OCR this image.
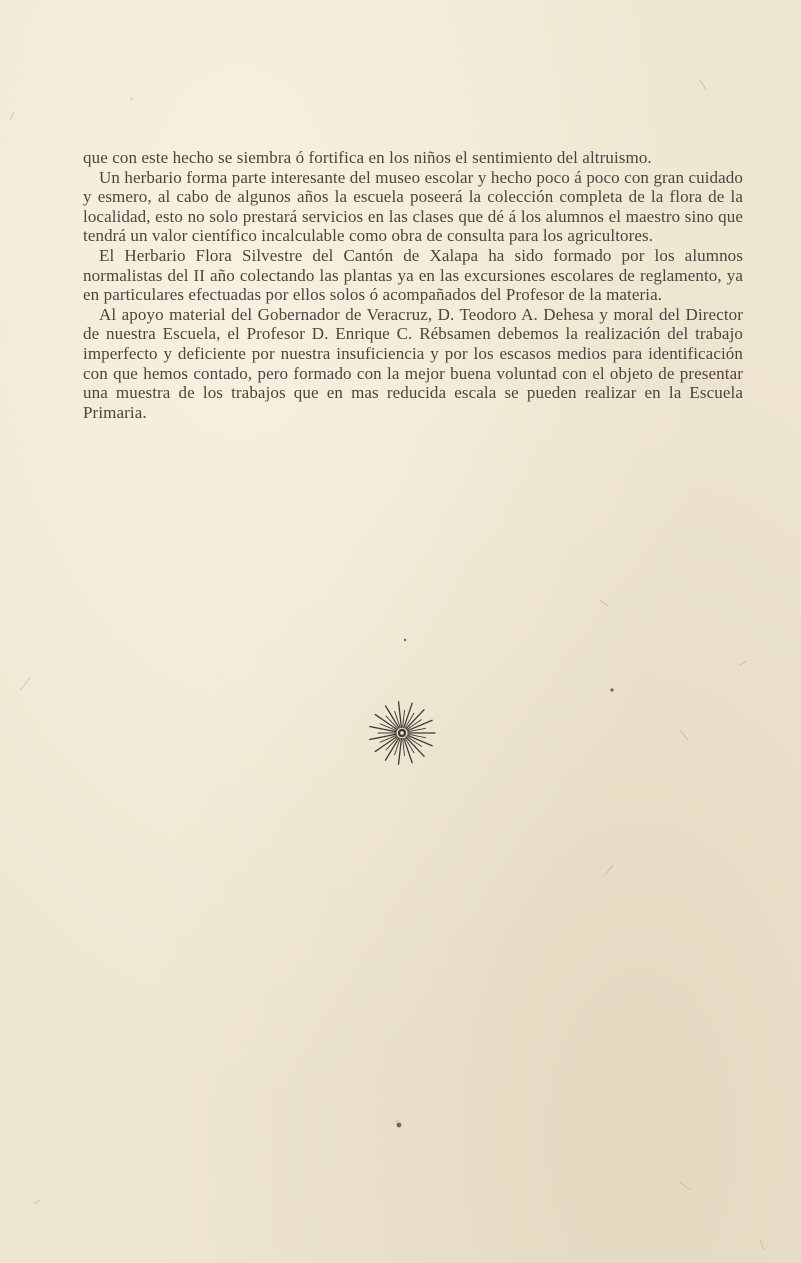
que con este hecho se siembra ó fortifica en los niños el sentimiento del altruismo.

Un herbario forma parte interesante del museo escolar y hecho poco á poco con gran cuidado y esmero, al cabo de algunos años la escuela poseerá la colección completa de la flora de la localidad, esto no solo prestará servicios en las clases que dé á los alumnos el maestro sino que tendrá un valor científico incalculable como obra de consulta para los agricultores.

El Herbario Flora Silvestre del Cantón de Xalapa ha sido formado por los alumnos normalistas del II año colectando las plantas ya en las excursiones escolares de reglamento, ya en particulares efectuadas por ellos solos ó acompañados del Profesor de la materia.

Al apoyo material del Gobernador de Veracruz, D. Teodoro A. Dehesa y moral del Director de nuestra Escuela, el Profesor D. Enrique C. Rébsamen debemos la realización del trabajo imperfecto y deficiente por nuestra insuficiencia y por los escasos medios para identificación con que hemos contado, pero formado con la mejor buena voluntad con el objeto de presentar una muestra de los trabajos que en mas reducida escala se pueden realizar en la Escuela Primaria.
